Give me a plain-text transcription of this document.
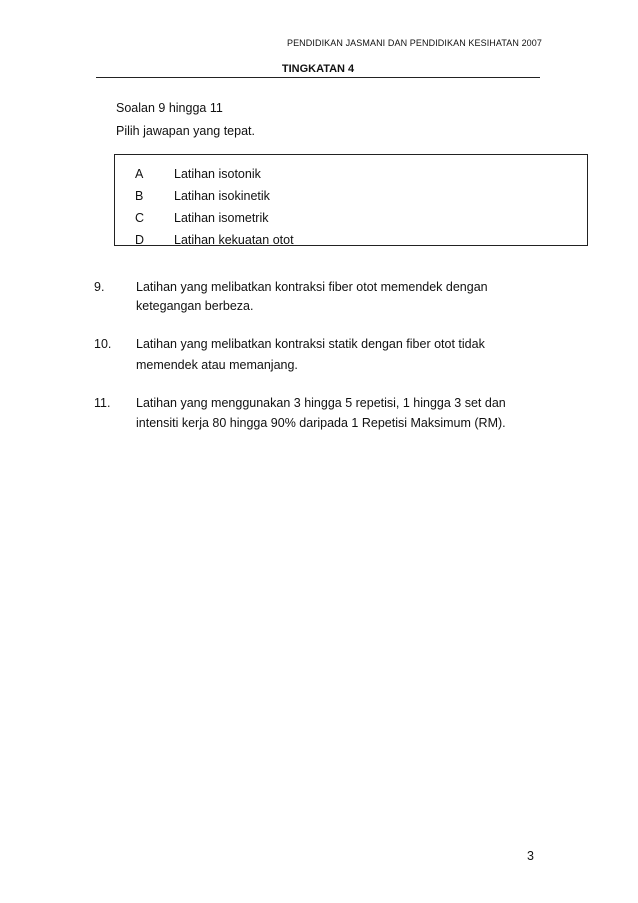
PENDIDIKAN JASMANI DAN PENDIDIKAN KESIHATAN 2007
TINGKATAN 4
Soalan 9 hingga 11
Pilih jawapan yang tepat.
A Latihan isotonik
B Latihan isokinetik
C Latihan isometrik
D Latihan kekuatan otot
9.	Latihan yang melibatkan kontraksi fiber otot memendek dengan
ketegangan berbeza.
10. Latihan yang melibatkan kontraksi statik dengan fiber otot tidak
memendek atau memanjang.
11. Latihan yang menggunakan 3 hingga 5 repetisi, 1 hingga 3 set dan
intensiti kerja 80 hingga 90% daripada 1 Repetisi Maksimum (RM).
3
